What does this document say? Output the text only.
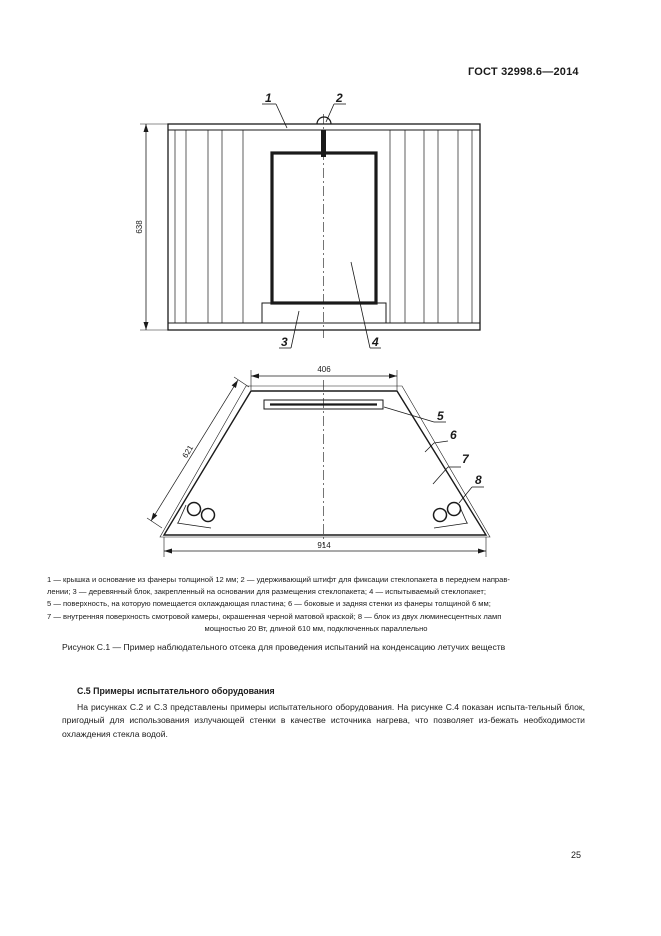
ГОСТ 32998.6—2014
638
406
621
914
1	2
3	4
5
6
7
8

1 — крышка и основание из фанеры толщиной 12 мм; 2 — удерживающий штифт для фиксации стеклопакета в переднем направ-

лении; 3 — деревянный блок, закрепленный на основании для размещения стеклопакета; 4 — испытываемый стеклопакет;

5 — поверхность, на которую помещается охлаждающая пластина; 6 — боковые и задняя стенки из фанеры толщиной 6 мм;

7 — внутренняя поверхность смотровой камеры, окрашенная черной матовой краской; 8 — блок из двух люминесцентных ламп

мощностью 20 Вт, длиной 610 мм, подключенных параллельно

Рисунок С.1 — Пример наблюдательного отсека для проведения испытаний на конденсацию летучих веществ
С.5 Примеры испытательного оборудования

На рисунках С.2 и С.3 представлены примеры испытательного оборудования. На рисунке С.4 показан испыта-тельный блок, пригодный для использования излучающей стенки в качестве источника нагрева, что позволяет из-бежать необходимости охлаждения стекла водой.

25
